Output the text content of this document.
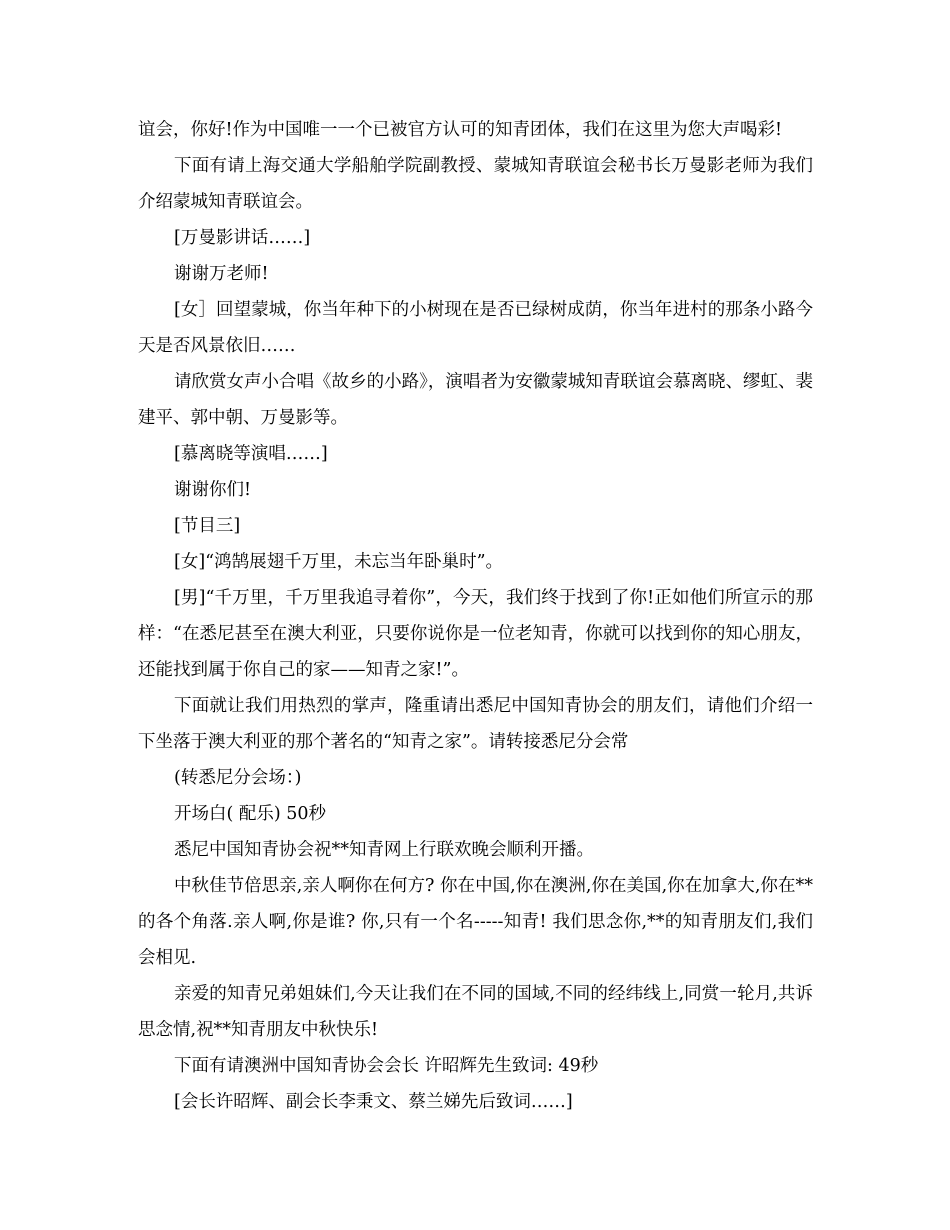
谊会，你好!作为中国唯一一个已被官方认可的知青团体，我们在这里为您大声喝彩!

下面有请上海交通大学船舶学院副教授、蒙城知青联谊会秘书长万曼影老师为我们介绍蒙城知青联谊会。

[万曼影讲话……]

谢谢万老师!

[女］回望蒙城，你当年种下的小树现在是否已绿树成荫，你当年进村的那条小路今天是否风景依旧……

请欣赏女声小合唱《故乡的小路》，演唱者为安徽蒙城知青联谊会慕离晓、缪虹、裴建平、郭中朝、万曼影等。

[慕离晓等演唱……]

谢谢你们!

[节目三]

[女]“鸿鹄展翅千万里，未忘当年卧巢时”。

[男]“千万里，千万里我追寻着你”，今天，我们终于找到了你!正如他们所宣示的那样：“在悉尼甚至在澳大利亚，只要你说你是一位老知青，你就可以找到你的知心朋友，还能找到属于你自己的家——知青之家!”。

下面就让我们用热烈的掌声，隆重请出悉尼中国知青协会的朋友们，请他们介绍一下坐落于澳大利亚的那个著名的“知青之家”。请转接悉尼分会常

(转悉尼分会场：)

开场白( 配乐) 50秒

悉尼中国知青协会祝**知青网上行联欢晚会顺利开播。

中秋佳节倍思亲,亲人啊你在何方? 你在中国,你在澳洲,你在美国,你在加拿大,你在**的各个角落.亲人啊,你是谁? 你,只有一个名-----知青! 我们思念你,**的知青朋友们,我们会相见.

亲爱的知青兄弟姐妹们,今天让我们在不同的国域,不同的经纬线上,同赏一轮月,共诉思念情,祝**知青朋友中秋快乐!

下面有请澳洲中国知青协会会长 许昭辉先生致词: 49秒

[会长许昭辉、副会长李秉文、蔡兰娣先后致词……]
